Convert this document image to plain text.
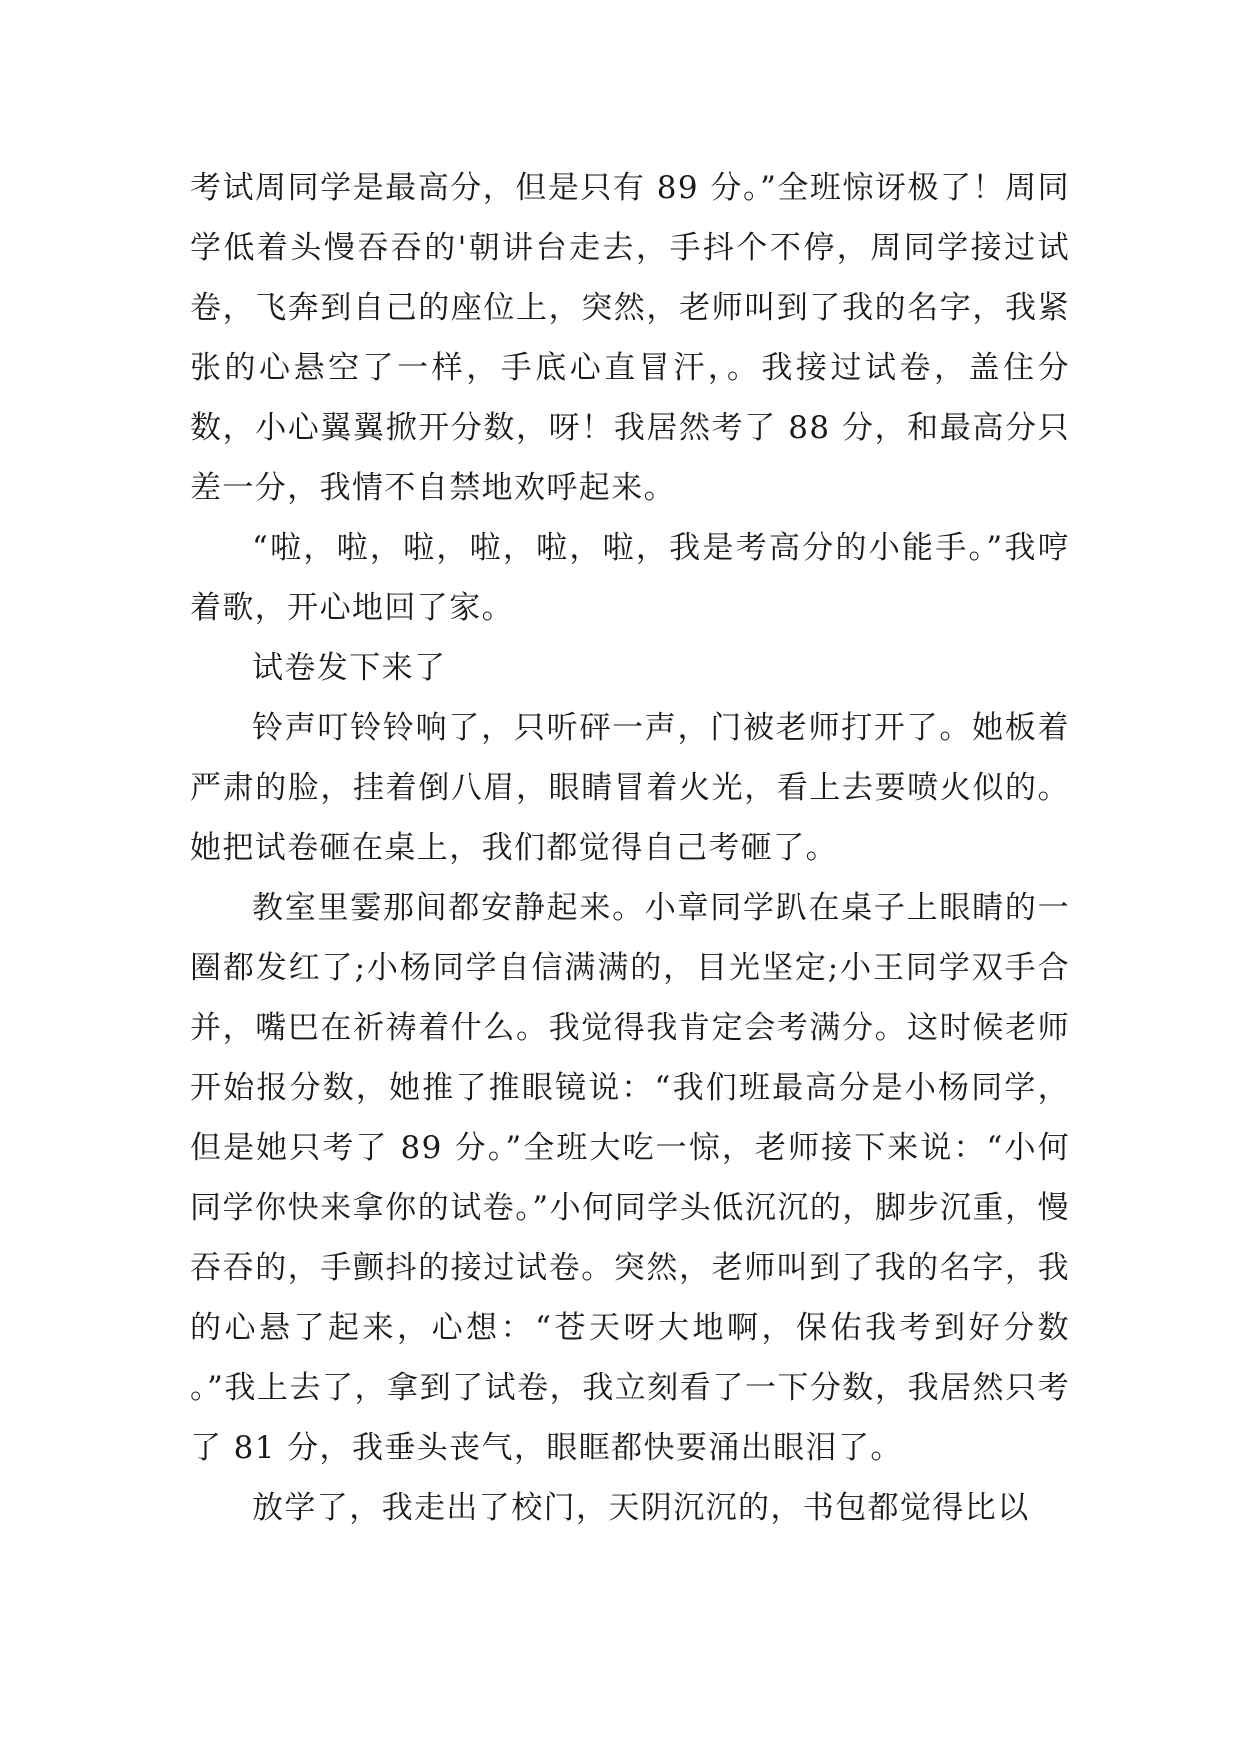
考试周同学是最高分，但是只有 89 分。”全班惊讶极了！周同学低着头慢吞吞的'朝讲台走去，手抖个不停，周同学接过试卷，飞奔到自己的座位上，突然，老师叫到了我的名字，我紧张的心悬空了一样，手底心直冒汗，。我接过试卷，盖住分数，小心翼翼掀开分数，呀！我居然考了 88 分，和最高分只差一分，我情不自禁地欢呼起来。

“啦，啦，啦，啦，啦，啦，我是考高分的小能手。”我哼着歌，开心地回了家。

试卷发下来了

铃声叮铃铃响了，只听砰一声，门被老师打开了。她板着严肃的脸，挂着倒八眉，眼睛冒着火光，看上去要喷火似的。她把试卷砸在桌上，我们都觉得自己考砸了。

教室里霎那间都安静起来。小章同学趴在桌子上眼睛的一圈都发红了;小杨同学自信满满的，目光坚定;小王同学双手合并，嘴巴在祈祷着什么。我觉得我肯定会考满分。这时候老师开始报分数，她推了推眼镜说：“我们班最高分是小杨同学，但是她只考了 89 分。”全班大吃一惊，老师接下来说：“小何同学你快来拿你的试卷。”小何同学头低沉沉的，脚步沉重，慢吞吞的，手颤抖的接过试卷。突然，老师叫到了我的名字，我的心悬了起来，心想：“苍天呀大地啊，保佑我考到好分数 。”我上去了，拿到了试卷，我立刻看了一下分数，我居然只考了 81 分，我垂头丧气，眼眶都快要涌出眼泪了。

放学了，我走出了校门，天阴沉沉的，书包都觉得比以
